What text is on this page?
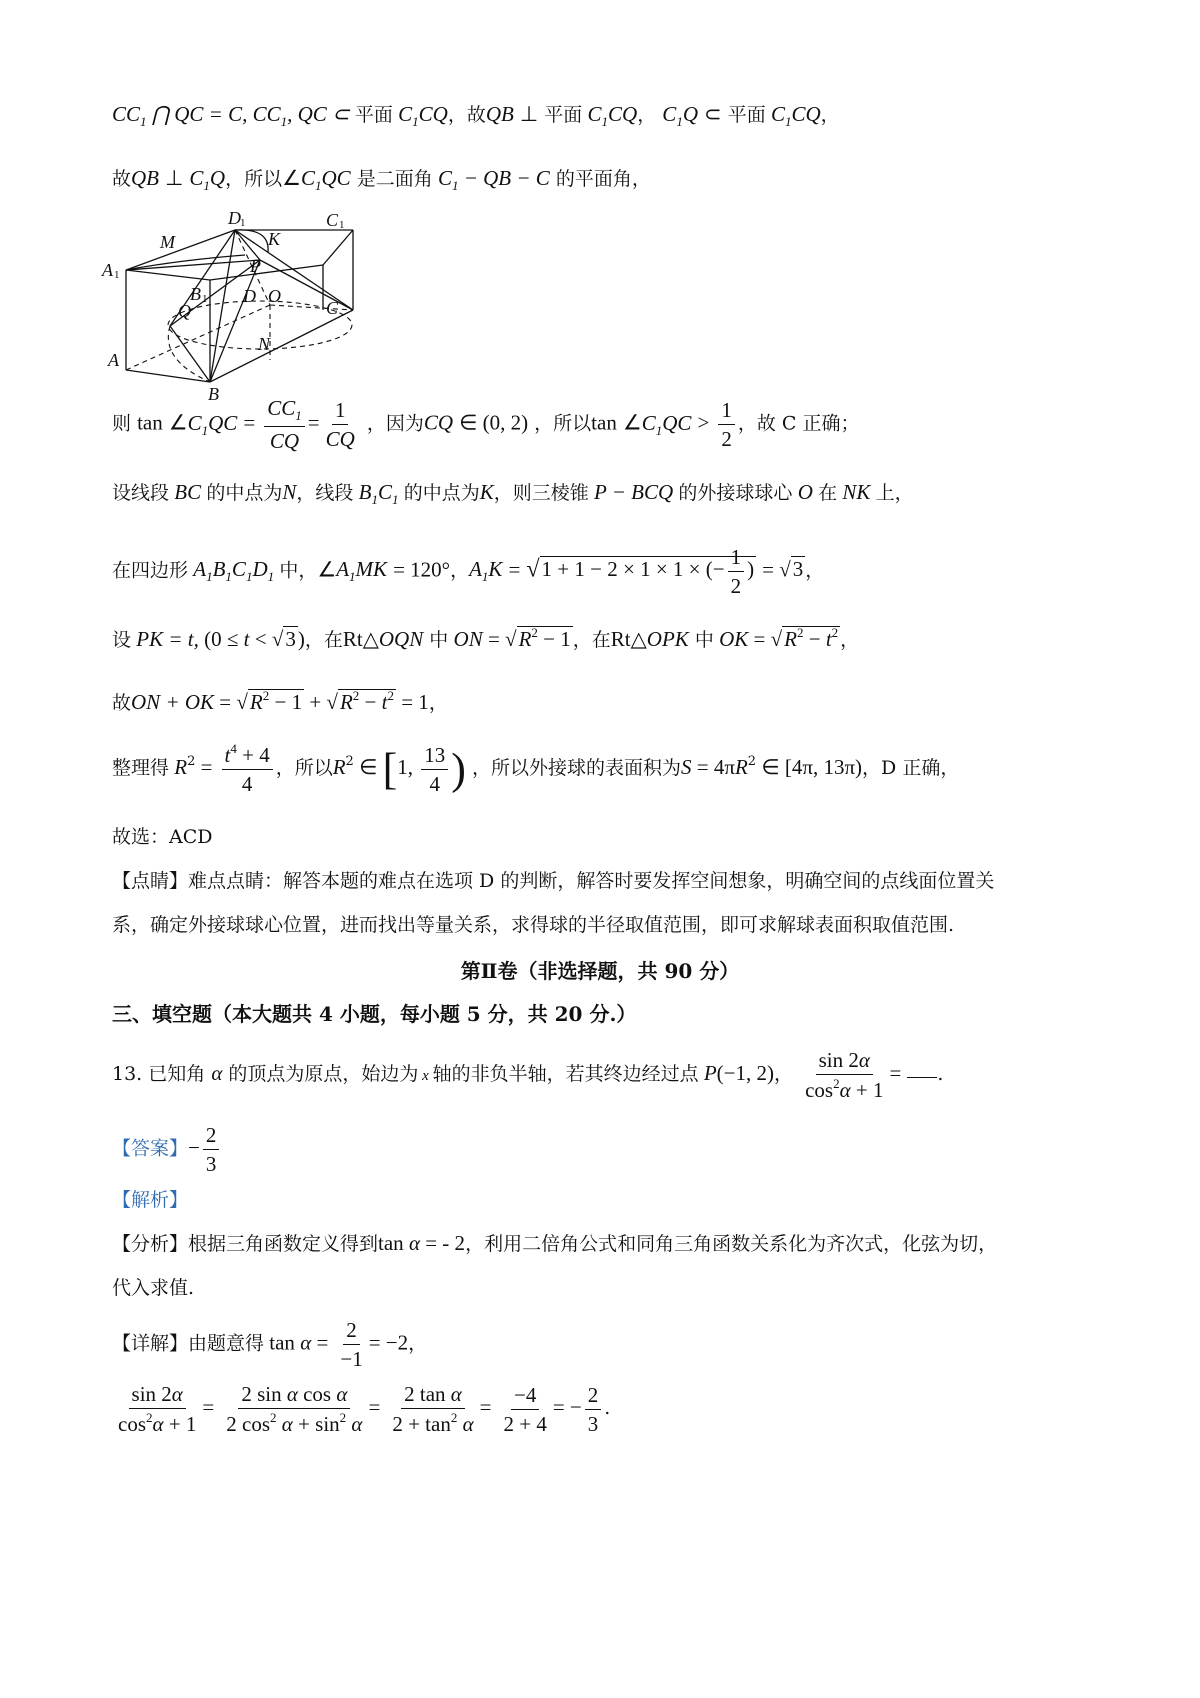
$CC_1$ ⋂ QC = C, $CC_1$, QC ⊂ 平面 $C_1CQ$，故QB ⊥ 平面 $C_1CQ$， $C_1Q$ ⊂ 平面 $C_1CQ$，
故QB ⊥ $C_1Q$，所以$\angle C_1QC$ 是二面角 $C_1$ − QB − C 的平面角，
D 1	C 1
M	K
A 1	P
B 1 D O
C
Q
N
A
B
则 $\tan \angle C_1QC = \frac{CC_1}{CQ} = \frac{1}{CQ}$ ，因为CQ ∈ (0, 2) ，所以$\tan \angle C_1QC > \frac{1}{2}$ ，故 C 正确；
设线段 BC 的中点为N，线段 $B_1C_1$ 的中点为K，则三棱锥 P − BCQ 的外接球球心 O 在 NK 上，
在四边形 $A_1B_1C_1D_1$ 中，$\angle A_1MK = 120^\circ$，$A_1K = √1 + 1 - 2 \times 1 \times 1$ × (− $\frac{1}{2}$ ) = √3 ，
设 PK = t, (0 ≤ t < √3)，在Rt△OQN 中 ON = $√R^2 - 1$ ，在Rt△OPK 中 OK = $√R^2 - t^2$ ，
故ON + OK = $√R^2 - 1 + √R^2 - t^2 = 1$，
整理得 $R^2 = \frac{t^4 + 4}{4}$ ，所以$R^2$ ∈ [1, $\frac{13}{4}$ ) ，所以外接球的表面积为$S = 4\pi R^2$ ∈ [4π, 13π)，D 正确，
故选：ACD
【点睛】难点点睛：解答本题的难点在选项 D 的判断，解答时要发挥空间想象，明确空间的点线面位置关
系，确定外接球球心位置，进而找出等量关系，求得球的半径取值范围，即可求解球表面积取值范围.
第Ⅱ卷（非选择题，共 90 分）
三、填空题（本大题共 4 小题，每小题 5 分，共 20 分.）
13. 已知角 α 的顶点为原点，始边为 x 轴的非负半轴，若其终边经过点 P(−1, 2)， $\frac{\sin 2\alpha}{\cos^2\alpha + 1}$ = .
【答案】− $\frac{2}{3}$
【解析】
【分析】根据三角函数定义得到tan α = - 2，利用二倍角公式和同角三角函数关系化为齐次式，化弦为切，
代入求值.
【详解】由题意得 $\tan \alpha = \frac{2}{-1} = -2$，
$\frac{\sin 2\alpha}{\cos^2\alpha + 1} = \frac{\text{2 sin α cos α}}{2 \cos^2 \alpha + \sin^2 \alpha} = \frac{\text{2 tan α}}{2 + \tan^2 \alpha} = \frac{-4}{2 + 4}$ = − $\frac{2}{3}$ .
